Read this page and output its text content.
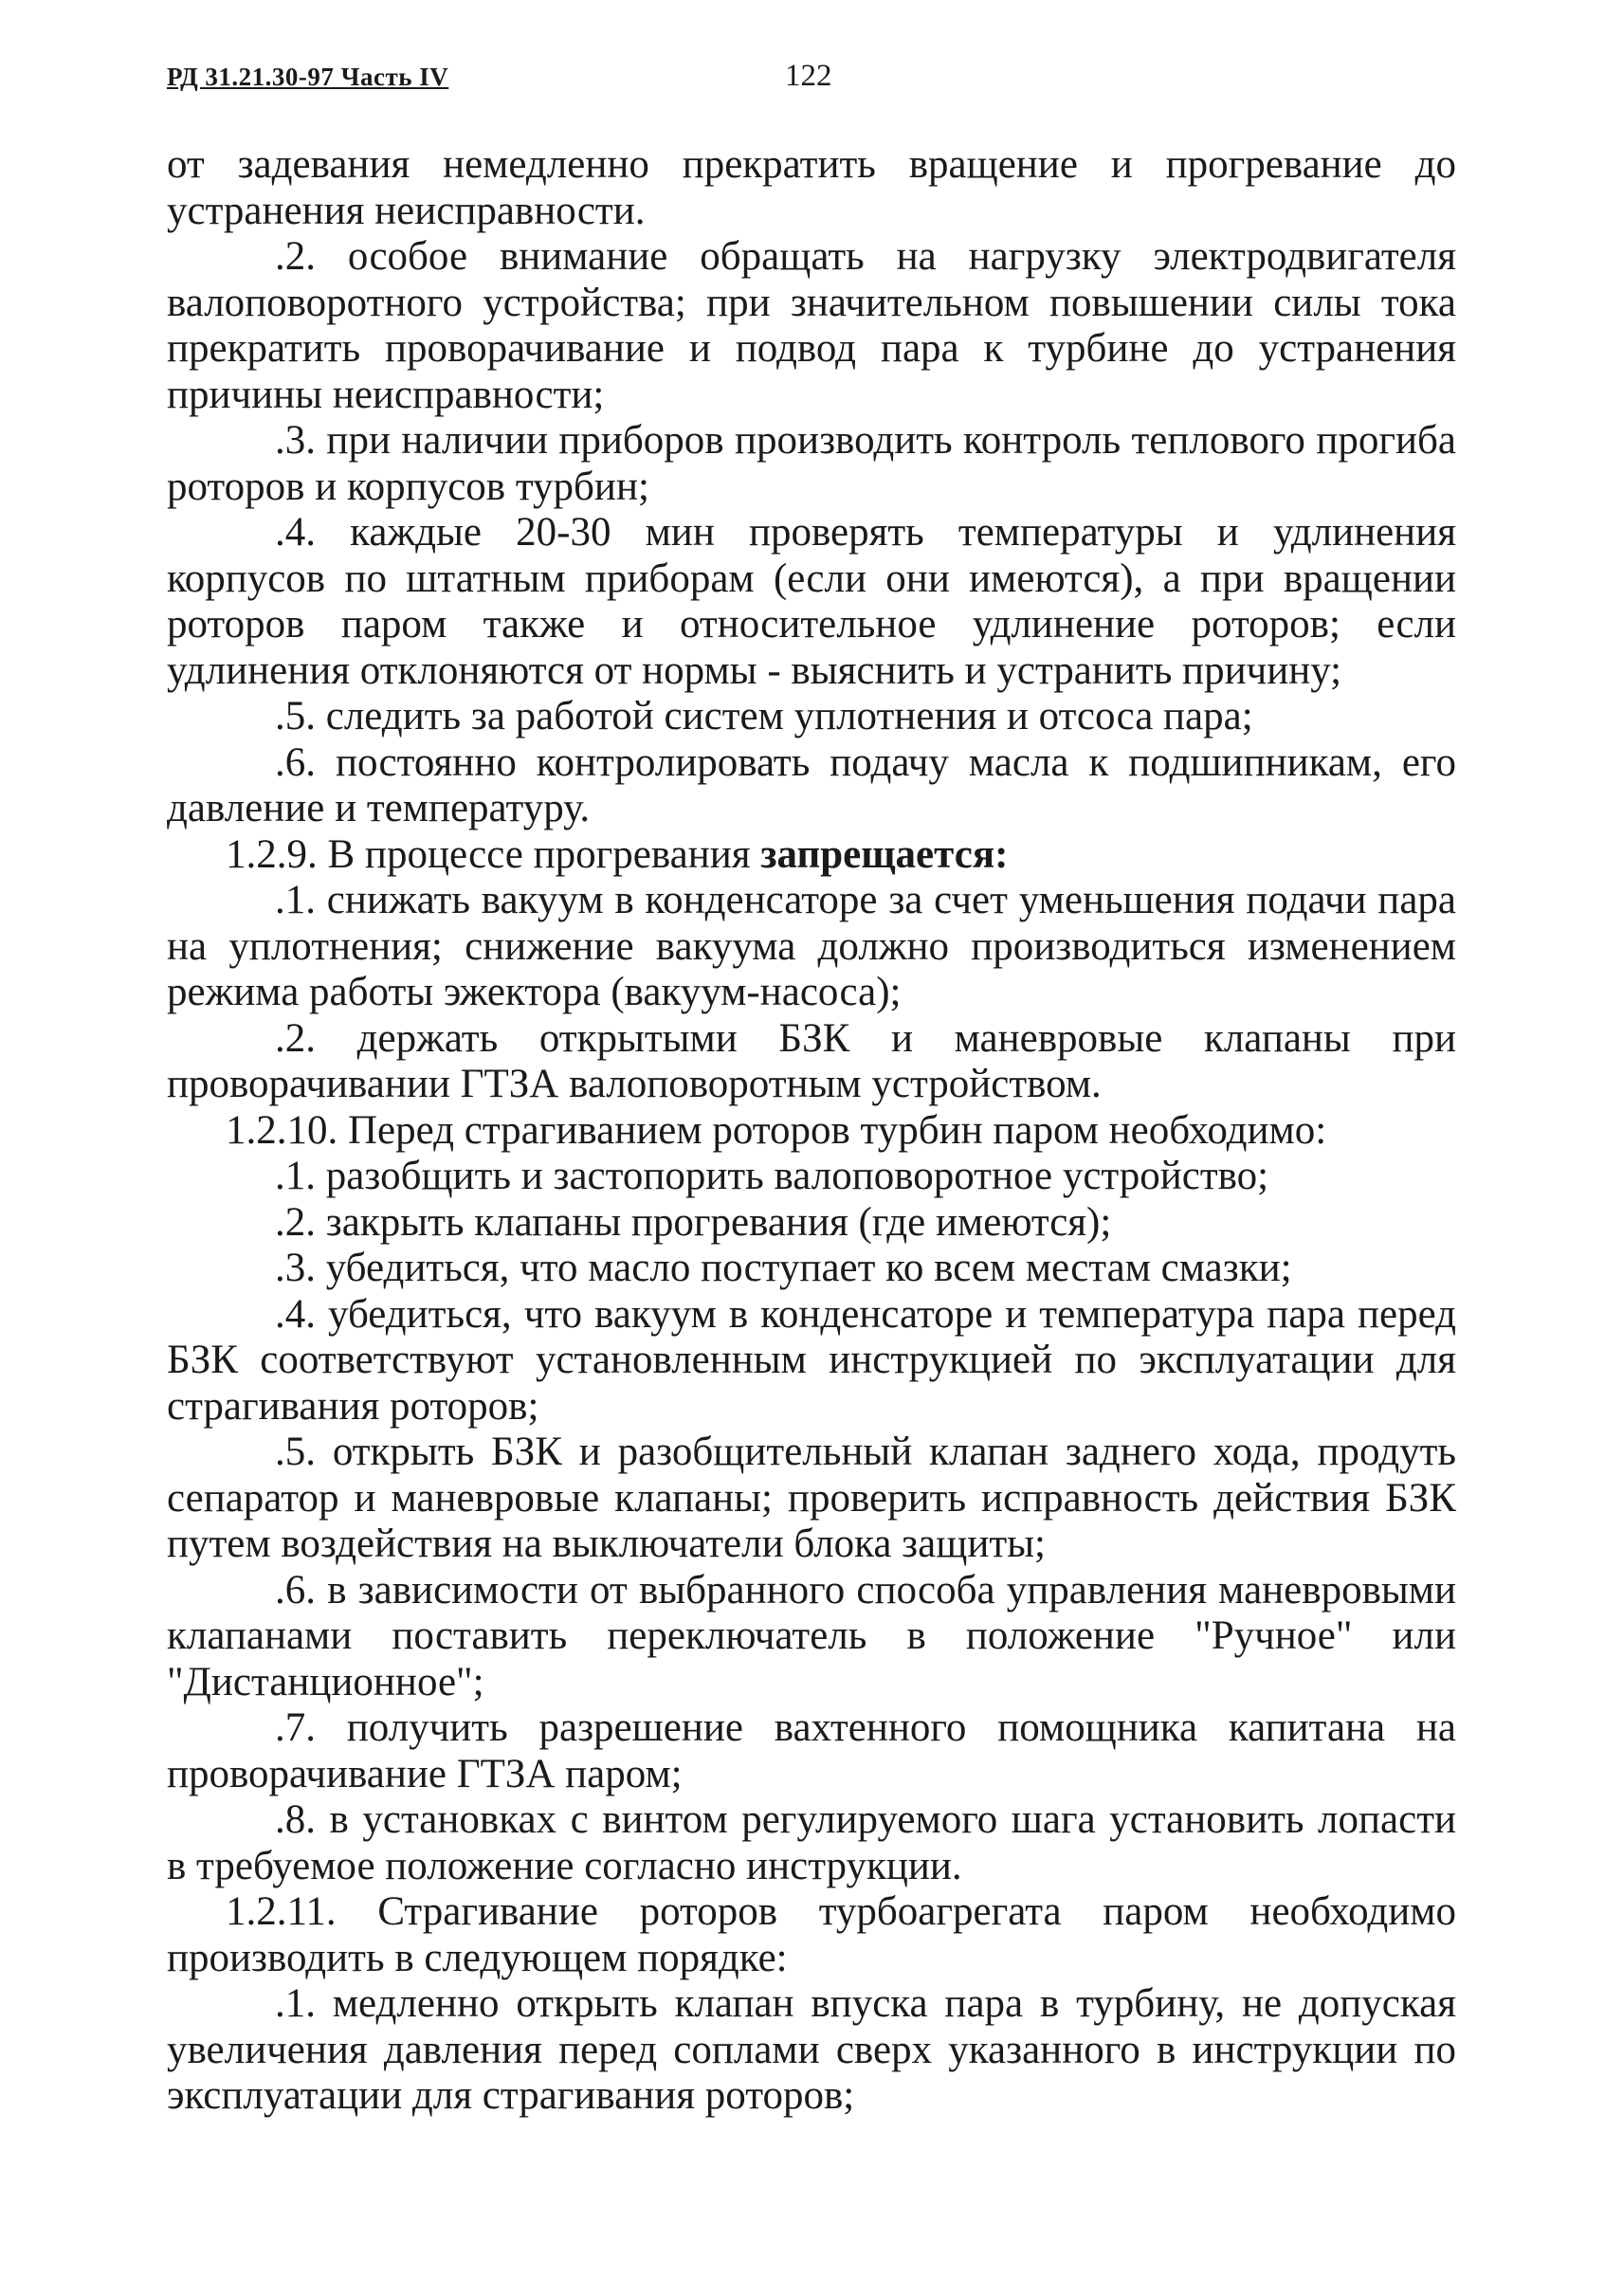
РД 31.21.30-97 Часть IV	122

от задевания немедленно прекратить вращение и прогревание до устранения неисправности.

.2. особое внимание обращать на нагрузку электродвигателя валоповоротного устройства; при значительном повышении силы тока прекратить проворачивание и подвод пара к турбине до устранения причины неисправности;

.3. при наличии приборов производить контроль теплового прогиба роторов и корпусов турбин;

.4. каждые 20-30 мин проверять температуры и удлинения корпусов по штатным приборам (если они имеются), а при вращении роторов паром также и относительное удлинение роторов; если удлинения отклоняются от нормы - выяснить и устранить причину;

.5. следить за работой систем уплотнения и отсоса пара;

.6. постоянно контролировать подачу масла к подшипникам, его давление и температуру.

1.2.9. В процессе прогревания запрещается:

.1. снижать вакуум в конденсаторе за счет уменьшения подачи пара на уплотнения; снижение вакуума должно производиться изменением режима работы эжектора (вакуум-насоса);

.2. держать открытыми БЗК и маневровые клапаны при проворачивании ГТЗА валоповоротным устройством.

1.2.10. Перед страгиванием роторов турбин паром необходимо:

.1. разобщить и застопорить валоповоротное устройство;

.2. закрыть клапаны прогревания (где имеются);

.3. убедиться, что масло поступает ко всем местам смазки;

.4. убедиться, что вакуум в конденсаторе и температура пара перед БЗК соответствуют установленным инструкцией по эксплуатации для страгивания роторов;

.5. открыть БЗК и разобщительный клапан заднего хода, продуть сепаратор и маневровые клапаны; проверить исправность действия БЗК путем воздействия на выключатели блока защиты;

.6. в зависимости от выбранного способа управления маневровыми клапанами поставить переключатель в положение "Ручное" или "Дистанционное";

.7. получить разрешение вахтенного помощника капитана на проворачивание ГТЗА паром;

.8. в установках с винтом регулируемого шага установить лопасти в требуемое положение согласно инструкции.

1.2.11. Страгивание роторов турбоагрегата паром необходимо производить в следующем порядке:

.1. медленно открыть клапан впуска пара в турбину, не допуская увеличения давления перед соплами сверх указанного в инструкции по эксплуатации для страгивания роторов;
